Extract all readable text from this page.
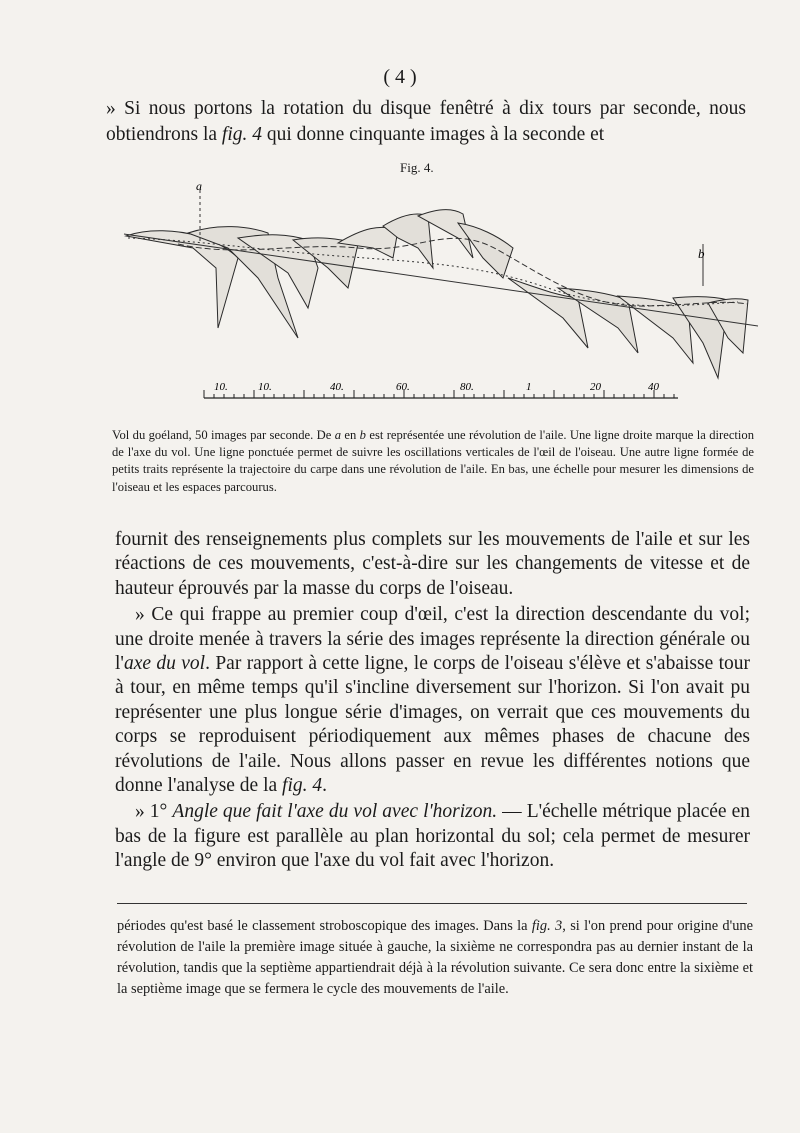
( 4 )
» Si nous portons la rotation du disque fenêtré à dix tours par seconde, nous obtiendrons la fig. 4 qui donne cinquante images à la seconde et
Fig. 4.
a
b
10.	10.	40.	60.	80.	1	20	40
Vol du goéland, 50 images par seconde. De a en b est représentée une révolution de l'aile. Une ligne droite marque la direction de l'axe du vol. Une ligne ponctuée permet de suivre les oscillations verticales de l'œil de l'oiseau. Une autre ligne formée de petits traits représente la trajectoire du carpe dans une révolution de l'aile. En bas, une échelle pour mesurer les dimensions de l'oiseau et les espaces parcourus.

fournit des renseignements plus complets sur les mouvements de l'aile et sur les réactions de ces mouvements, c'est-à-dire sur les changements de vitesse et de hauteur éprouvés par la masse du corps de l'oiseau.

» Ce qui frappe au premier coup d'œil, c'est la direction descendante du vol; une droite menée à travers la série des images représente la direction générale ou l'axe du vol. Par rapport à cette ligne, le corps de l'oiseau s'élève et s'abaisse tour à tour, en même temps qu'il s'incline diversement sur l'horizon. Si l'on avait pu représenter une plus longue série d'images, on verrait que ces mouvements du corps se reproduisent périodiquement aux mêmes phases de chacune des révolutions de l'aile. Nous allons passer en revue les différentes notions que donne l'analyse de la fig. 4.

» 1° Angle que fait l'axe du vol avec l'horizon. — L'échelle métrique placée en bas de la figure est parallèle au plan horizontal du sol; cela permet de mesurer l'angle de 9° environ que l'axe du vol fait avec l'horizon.

périodes qu'est basé le classement stroboscopique des images. Dans la fig. 3, si l'on prend pour origine d'une révolution de l'aile la première image située à gauche, la sixième ne correspondra pas au dernier instant de la révolution, tandis que la septième appartiendrait déjà à la révolution suivante. Ce sera donc entre la sixième et la septième image que se fermera le cycle des mouvements de l'aile.
